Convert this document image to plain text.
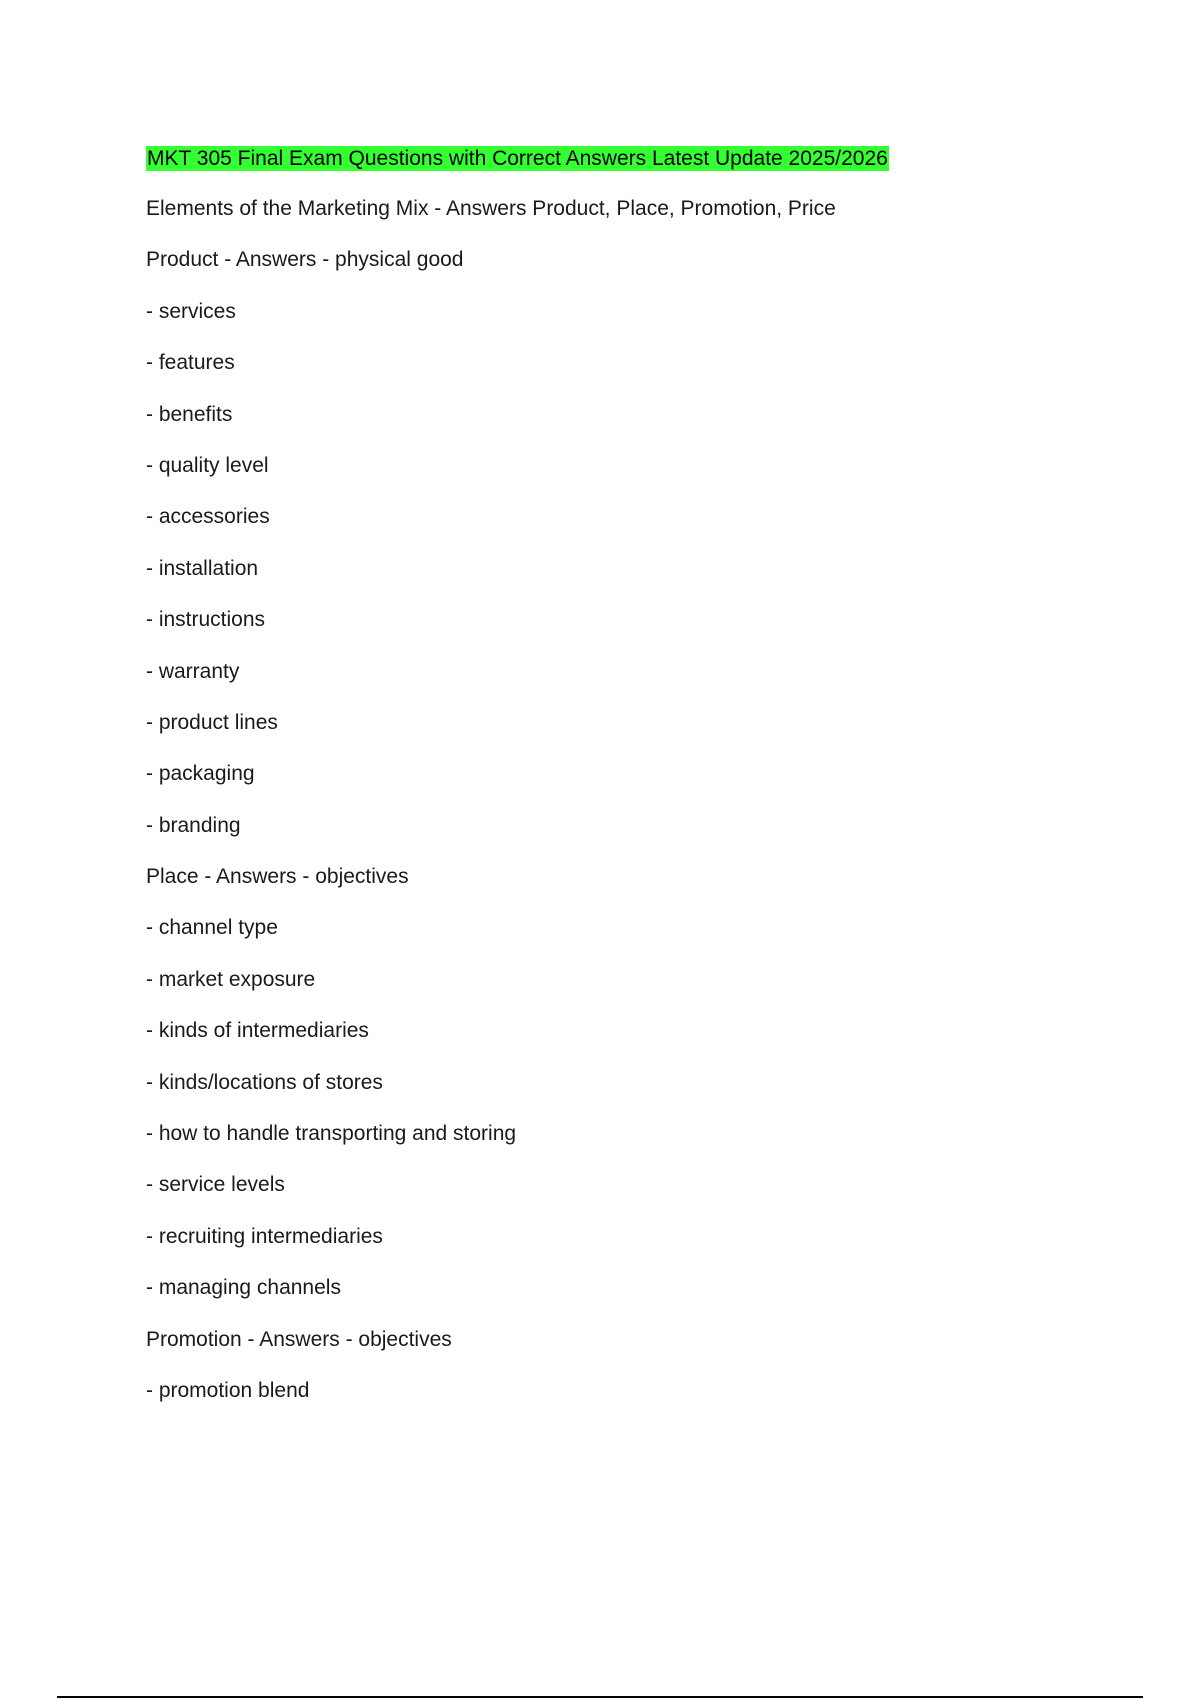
MKT 305 Final Exam Questions with Correct Answers Latest Update 2025/2026
Elements of the Marketing Mix - Answers Product, Place, Promotion, Price
Product - Answers - physical good
- services
- features
- benefits
- quality level
- accessories
- installation
- instructions
- warranty
- product lines
- packaging
- branding
Place - Answers - objectives
- channel type
- market exposure
- kinds of intermediaries
- kinds/locations of stores
- how to handle transporting and storing
- service levels
- recruiting intermediaries
- managing channels
Promotion - Answers - objectives
- promotion blend
